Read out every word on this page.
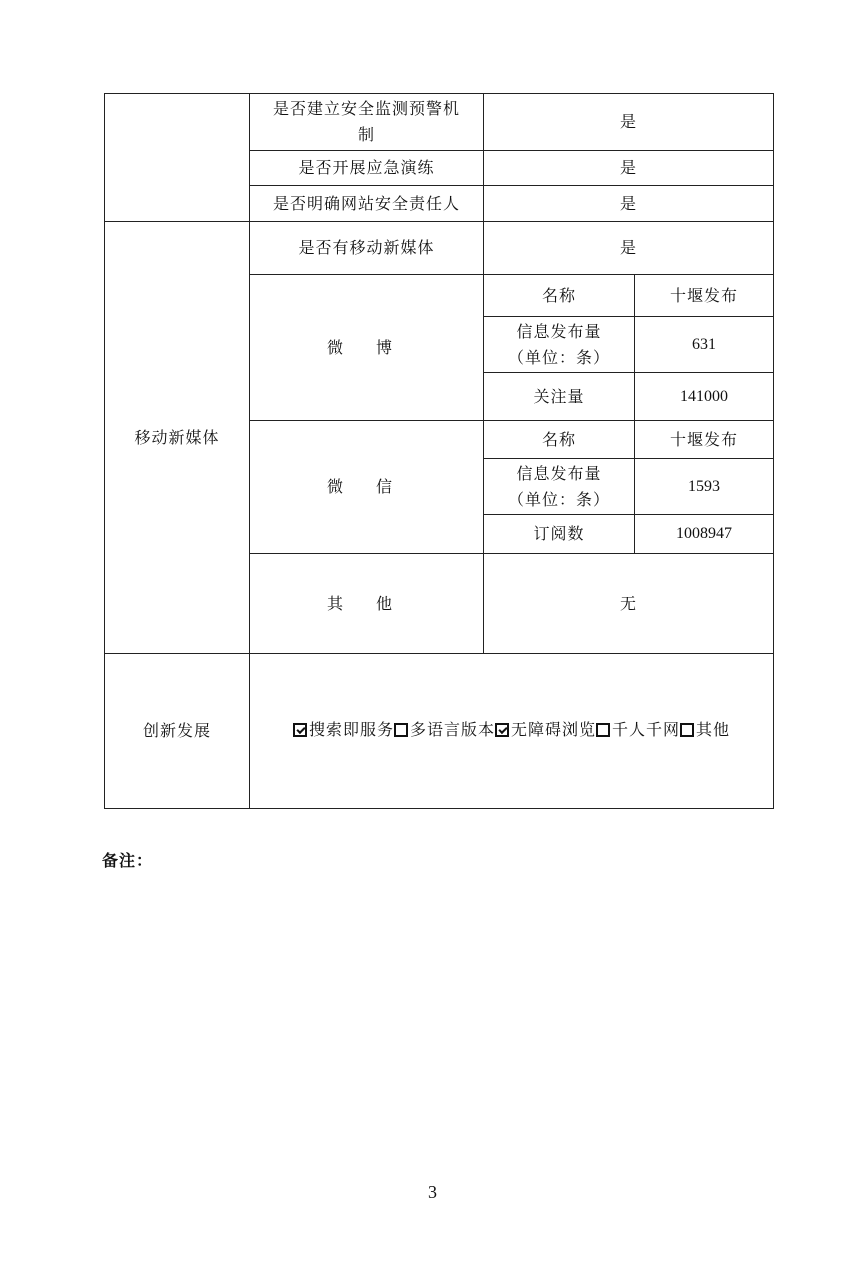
	是否建立安全监测预警机制	是	
	是否开展应急演练	是	
	是否明确网站安全责任人	是	
移动新媒体	是否有移动新媒体	是	
	微 博	名称	十堰发布
		信息发布量（单位：条）	631
		关注量	141000
	微 信	名称	十堰发布
		信息发布量（单位：条）	1593
		订阅数	1008947
	其 他	无	
创新发展	搜索即服务 多语言版本 无障碍浏览 千人千网 其他		
备注：
3
